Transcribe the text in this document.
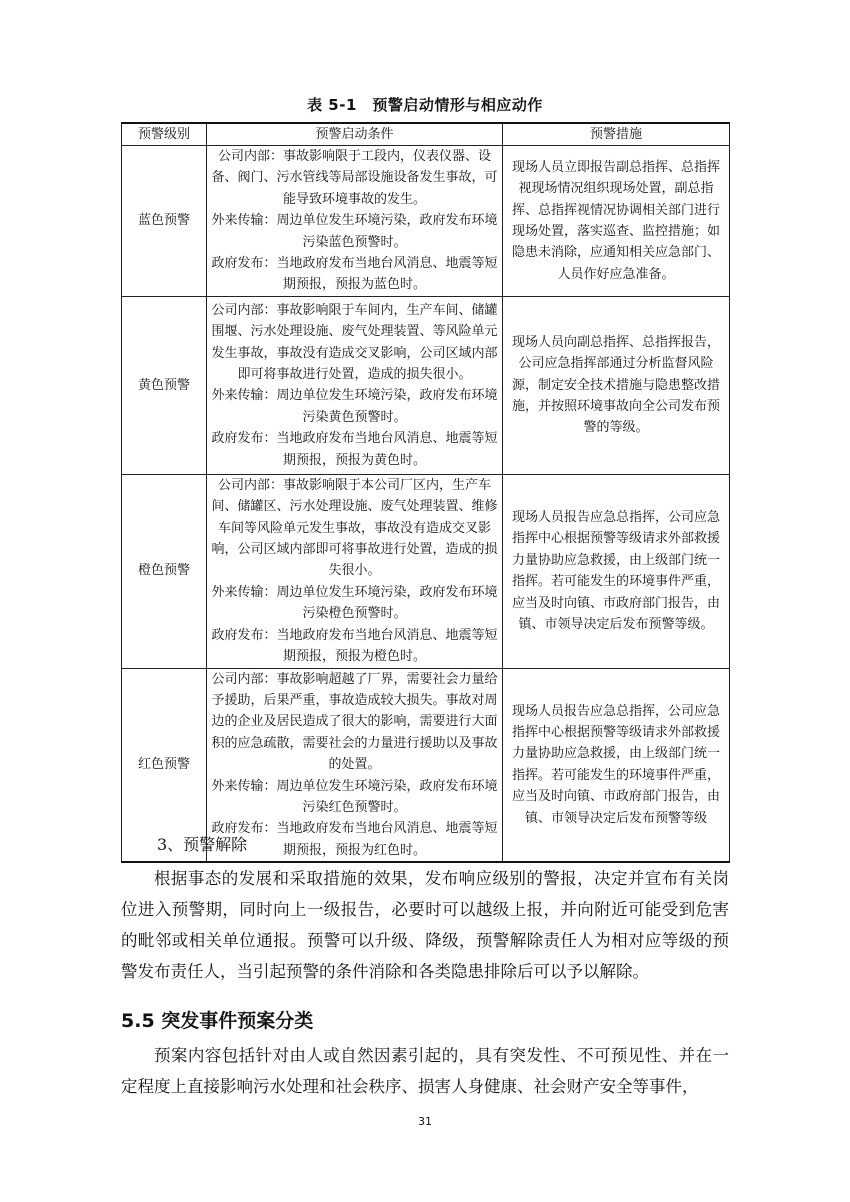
表 5-1　预警启动情形与相应动作
预警级别	预警启动条件	预警措施
蓝色预警	公司内部：事故影响限于工段内，仪表仪器、设备、阀门、污水管线等局部设施设备发生事故，可能导致环境事故的发生。

外来传输：周边单位发生环境污染，政府发布环境污染蓝色预警时。

政府发布：当地政府发布当地台风消息、地震等短期预报，预报为蓝色时。	现场人员立即报告副总指挥、总指挥视现场情况组织现场处置，副总指挥、总指挥视情况协调相关部门进行现场处置，落实巡查、监控措施；如隐患未消除，应通知相关应急部门、人员作好应急准备。

黄色预警	公司内部：事故影响限于车间内，生产车间、储罐围堰、污水处理设施、废气处理装置、等风险单元发生事故，事故没有造成交叉影响，公司区域内部即可将事故进行处置，造成的损失很小。

外来传输：周边单位发生环境污染，政府发布环境污染黄色预警时。

政府发布：当地政府发布当地台风消息、地震等短期预报，预报为黄色时。	现场人员向副总指挥、总指挥报告，公司应急指挥部通过分析监督风险源，制定安全技术措施与隐患整改措施，并按照环境事故向全公司发布预警的等级。

橙色预警	公司内部：事故影响限于本公司厂区内，生产车间、储罐区、污水处理设施、废气处理装置、维修车间等风险单元发生事故，事故没有造成交叉影响，公司区域内部即可将事故进行处置，造成的损失很小。

外来传输：周边单位发生环境污染，政府发布环境污染橙色预警时。

政府发布：当地政府发布当地台风消息、地震等短期预报，预报为橙色时。	现场人员报告应急总指挥，公司应急指挥中心根据预警等级请求外部救援力量协助应急救援，由上级部门统一指挥。若可能发生的环境事件严重，应当及时向镇、市政府部门报告，由镇、市领导决定后发布预警等级。

红色预警	公司内部：事故影响超越了厂界，需要社会力量给予援助，后果严重，事故造成较大损失。事故对周边的企业及居民造成了很大的影响，需要进行大面积的应急疏散，需要社会的力量进行援助以及事故的处置。

外来传输：周边单位发生环境污染，政府发布环境污染红色预警时。

政府发布：当地政府发布当地台风消息、地震等短期预报，预报为红色时。	现场人员报告应急总指挥，公司应急指挥中心根据预警等级请求外部救援力量协助应急救援，由上级部门统一指挥。若可能发生的环境事件严重，应当及时向镇、市政府部门报告，由镇、市领导决定后发布预警等级

3、预警解除

根据事态的发展和采取措施的效果，发布响应级别的警报，决定并宣布有关岗位进入预警期，同时向上一级报告，必要时可以越级上报，并向附近可能受到危害的毗邻或相关单位通报。预警可以升级、降级，预警解除责任人为相对应等级的预警发布责任人，当引起预警的条件消除和各类隐患排除后可以予以解除。

5.5 突发事件预案分类

预案内容包括针对由人或自然因素引起的，具有突发性、不可预见性、并在一定程度上直接影响污水处理和社会秩序、损害人身健康、社会财产安全等事件，

31
